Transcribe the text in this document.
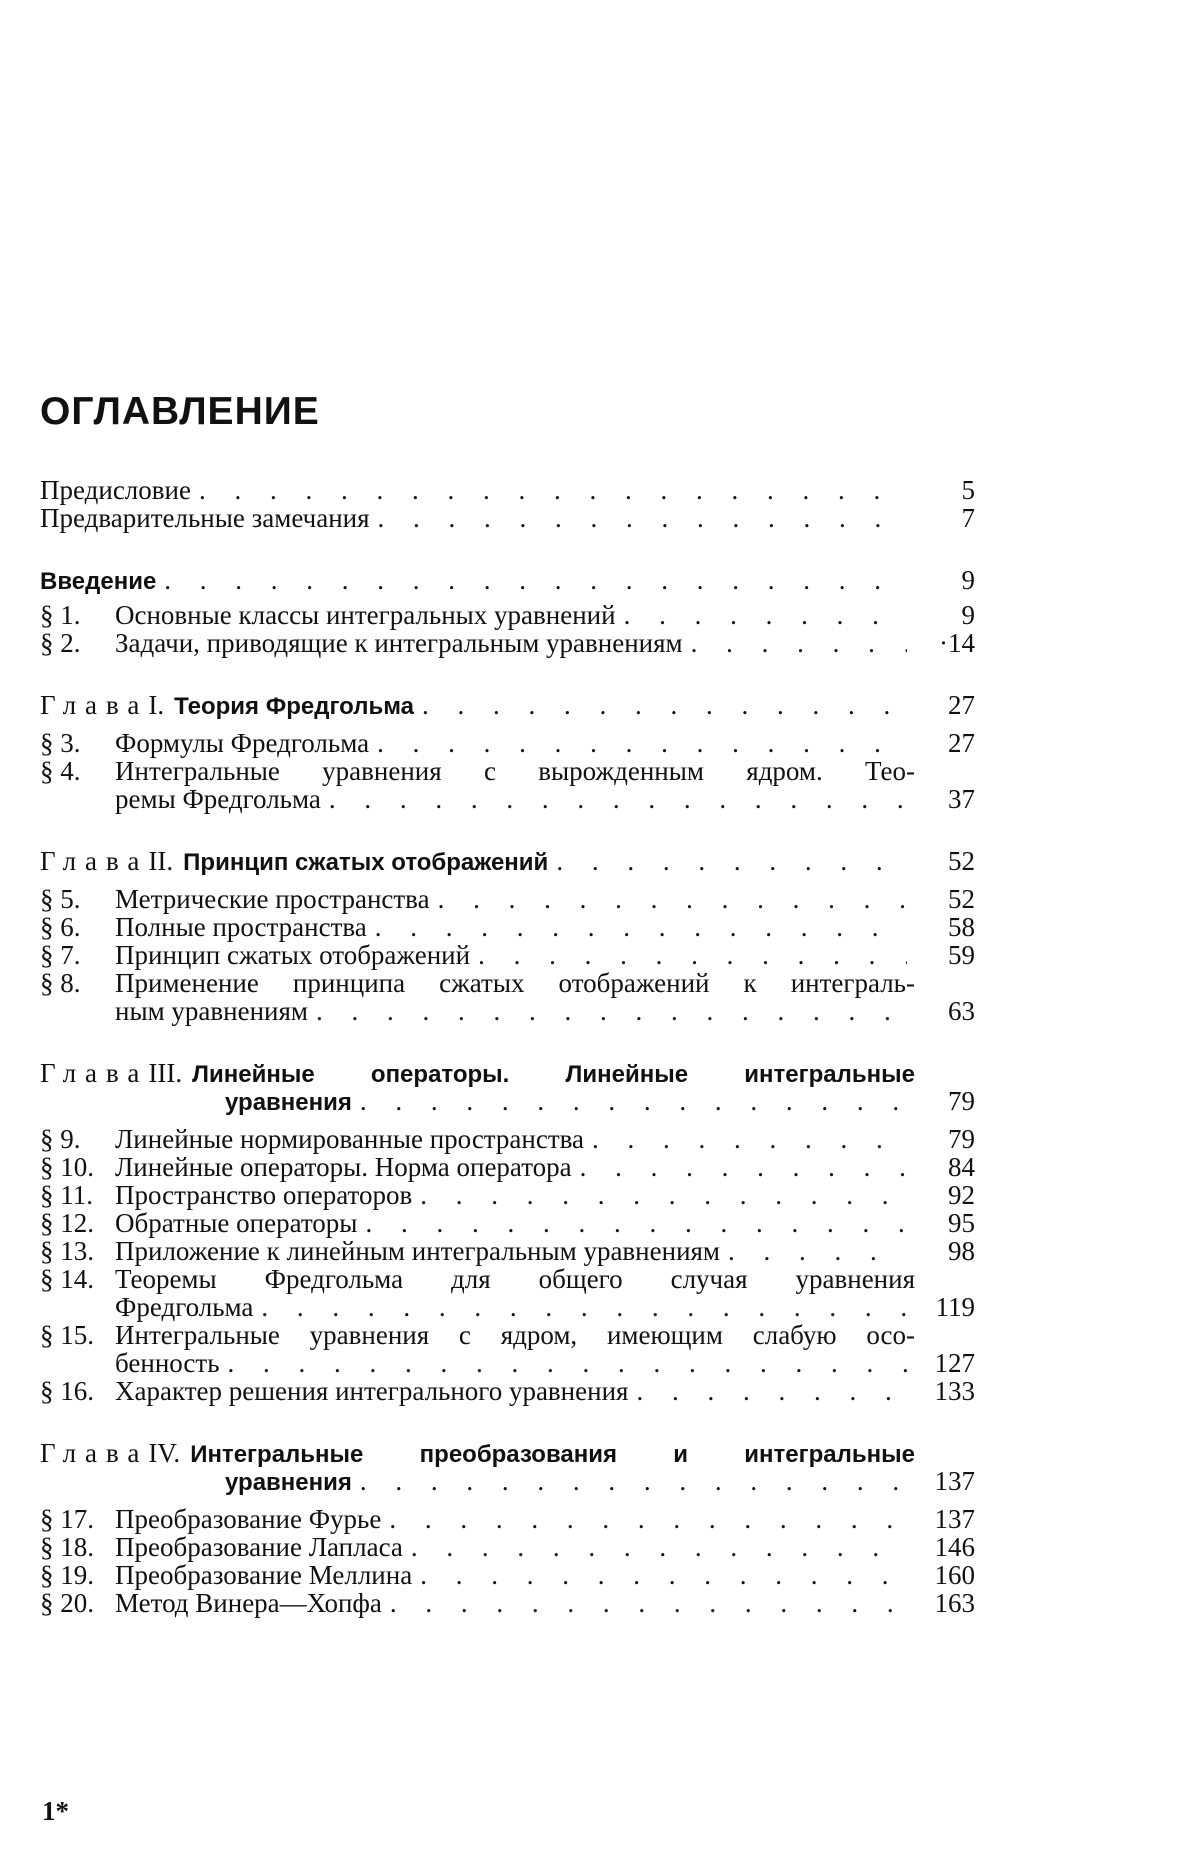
ОГЛАВЛЕНИЕ
Предисловие
. . .	5
Предварительные замечания
. . .	7
Введение
. . .	9
§ 1.	Основные классы интегральных уравнений
. . .	9
§ 2.	Задачи, приводящие к интегральным уравнениям
. . .	·14
Глава I. Теория Фредгольма
. . .	27
§ 3.	Формулы Фредгольма
. . .	27
§ 4.	Интегральные уравнения с вырожденным ядром. Тео-
ремы Фредгольма
. . .	37
Глава II. Принцип сжатых отображений
. . .	52
§ 5.	Метрические пространства
. . .	52
§ 6.	Полные пространства
. . .	58
§ 7.	Принцип сжатых отображений
. . .	59
§ 8.	Применение принципа сжатых отображений к интеграль-
ным уравнениям
. . .	63
Глава III. Линейные операторы. Линейные интегральные
уравнения
. . .	79
§ 9.	Линейные нормированные пространства
. . .	79
§ 10. Линейные операторы. Норма оператора
. . .	84
§ 11. Пространство операторов
. . .	92
§ 12. Обратные операторы
. . .	95
§ 13. Приложение к линейным интегральным уравнениям
. . .	98
§ 14. Теоремы Фредгольма для общего случая уравнения
Фредгольма
. . .	119
§ 15. Интегральные уравнения с ядром, имеющим слабую осо-
бенность
. . .	127
§ 16. Характер решения интегрального уравнения
. . .	133
Глава IV. Интегральные преобразования и интегральные
уравнения
. . .	137
§ 17. Преобразование Фурье
. . .	137
§ 18. Преобразование Лапласа
. . .	146
§ 19. Преобразование Меллина
. . .	160
§ 20. Метод Винера—Хопфа
. . .	163
1*
